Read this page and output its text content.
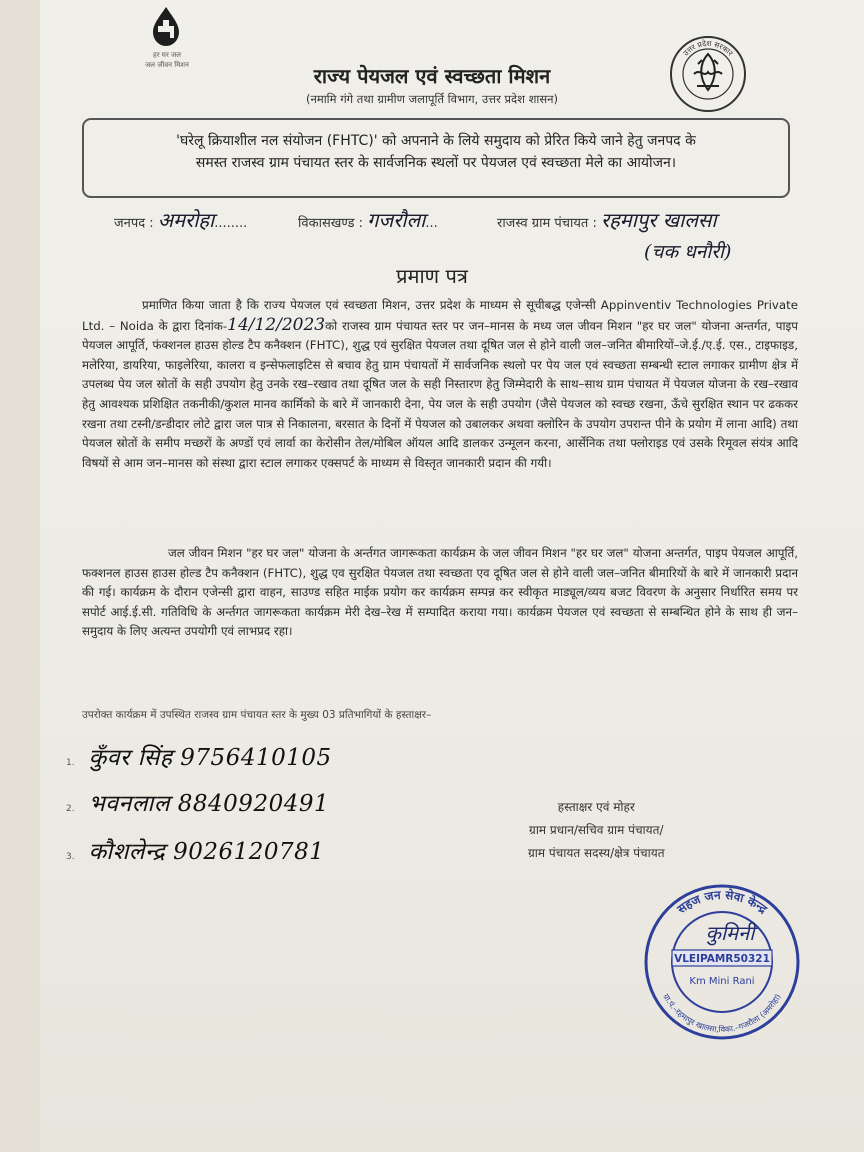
हर घर जल
जल जीवन मिशन
उत्तर प्रदेश सरकार
राज्य पेयजल एवं स्वच्छता मिशन
(नमामि गंगे तथा ग्रामीण जलापूर्ति विभाग, उत्तर प्रदेश शासन)
'घरेलू क्रियाशील नल संयोजन (FHTC)' को अपनाने के लिये समुदाय को प्रेरित किये जाने हेतु जनपद के
समस्त राजस्व ग्राम पंचायत स्तर के सार्वजनिक स्थलों पर पेयजल एवं स्वच्छता मेले का आयोजन।
जनपद : अमरोहा........	विकासखण्ड : गजरौला...	राजस्व ग्राम पंचायत : रहमापुर खालसा
(चक धनौरी)
प्रमाण पत्र

प्रमाणित किया जाता है कि राज्य पेयजल एवं स्वच्छता मिशन, उत्तर प्रदेश के माध्यम से सूचीबद्ध एजेन्सी Appinventiv Technologies Private Ltd. – Noida के द्वारा दिनांक-14/12/2023को राजस्व ग्राम पंचायत स्तर पर जन–मानस के मध्य जल जीवन मिशन "हर घर जल" योजना अन्तर्गत, पाइप पेयजल आपूर्ति, फंक्शनल हाउस होल्ड टैप कनैक्शन (FHTC), शुद्ध एवं सुरक्षित पेयजल तथा दूषित जल से होने वाली जल–जनित बीमारियों–जे.ई./ए.ई. एस., टाइफाइड, मलेरिया, डायरिया, फाइलेरिया, कालरा व इन्सेफलाइटिस से बचाव हेतु ग्राम पंचायतों में सार्वजनिक स्थलो पर पेय जल एवं स्वच्छता सम्बन्धी स्टाल लगाकर ग्रामीण क्षेत्र में उपलब्ध पेय जल स्रोतों के सही उपयोग हेतु उनके रख–रखाव तथा दूषित जल के सही निस्तारण हेतु जिम्मेदारी के साथ–साथ ग्राम पंचायत में पेयजल योजना के रख–रखाव हेतु आवश्यक प्रशिक्षित तकनीकी/कुशल मानव कार्मिको के बारे में जानकारी देना, पेय जल के सही उपयोग (जैसे पेयजल को स्वच्छ रखना, ऊँचे सुरक्षित स्थान पर ढककर रखना तथा टस्नी/डन्डीदार लोटे द्वारा जल पात्र से निकालना, बरसात के दिनों में पेयजल को उबालकर अथवा क्लोरिन के उपयोग उपरान्त पीने के प्रयोग में लाना आदि) तथा पेयजल स्रोतों के समीप मच्छरों के अण्डों एवं लार्वा का केरोसीन तेल/मोबिल ऑयल आदि डालकर उन्मूलन करना, आर्सेनिक तथा फ्लोराइड एवं उसके रिमूवल संयंत्र आदि विषयों से आम जन–मानस को संस्था द्वारा स्टाल लगाकर एक्सपर्ट के माध्यम से विस्तृत जानकारी प्रदान की गयी।

जल जीवन मिशन "हर घर जल" योजना के अर्न्तगत जागरूकता कार्यक्रम के जल जीवन मिशन "हर घर जल" योजना अन्तर्गत, पाइप पेयजल आपूर्ति, फक्शनल हाउस हाउस होल्ड टैप कनैक्शन (FHTC), शुद्ध एव सुरक्षित पेयजल तथा स्वच्छता एव दूषित जल से होने वाली जल–जनित बीमारियों के बारे में जानकारी प्रदान की गई। कार्यक्रम के दौरान एजेन्सी द्वारा वाहन, साउण्ड सहित माईक प्रयोग कर कार्यक्रम सम्पन्न कर स्वीकृत माड्यूल/व्यय बजट विवरण के अनुसार निर्धारित समय पर सपोर्ट आई.ई.सी. गतिविधि के अर्न्तगत जागरूकता कार्यक्रम मेरी देख–रेख में सम्पादित कराया गया। कार्यक्रम पेयजल एवं स्वच्छता से सम्बन्धित होने के साथ ही जन–समुदाय के लिए अत्यन्त उपयोगी एवं लाभप्रद रहा।

उपरोक्त कार्यक्रम में उपस्थित राजस्व ग्राम पंचायत स्तर के मुख्य 03 प्रतिभागियों के हस्ताक्षर–
1. कुँवर सिंह 9756410105
2. भवनलाल 8840920491
3. कौशलेन्द्र 9026120781
हस्ताक्षर एवं मोहर
ग्राम प्रधान/सचिव ग्राम पंचायत/
ग्राम पंचायत सदस्य/क्षेत्र पंचायत
सहज जन सेवा केन्द्र
ग्रा.पं.–रहमापुर खालसा,विका.–गजरौला (अमरोहा)
VLEIPAMR50321
Km Mini Rani
कुमिनी
